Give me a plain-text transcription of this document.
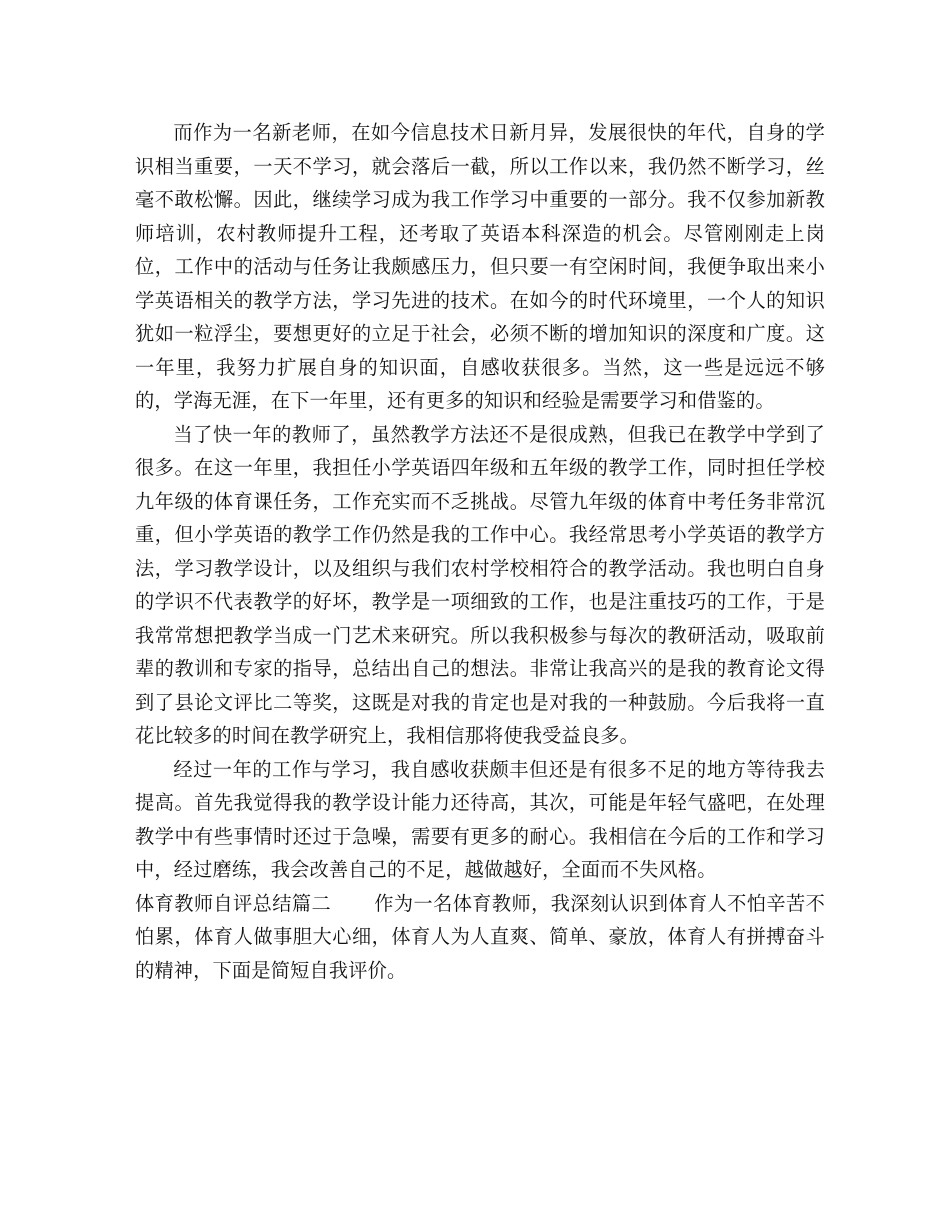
而作为一名新老师，在如今信息技术日新月异，发展很快的年代，自身的学识相当重要，一天不学习，就会落后一截，所以工作以来，我仍然不断学习，丝毫不敢松懈。因此，继续学习成为我工作学习中重要的一部分。我不仅参加新教师培训，农村教师提升工程，还考取了英语本科深造的机会。尽管刚刚走上岗位，工作中的活动与任务让我颇感压力，但只要一有空闲时间，我便争取出来小学英语相关的教学方法，学习先进的技术。在如今的时代环境里，一个人的知识犹如一粒浮尘，要想更好的立足于社会，必须不断的增加知识的深度和广度。这一年里，我努力扩展自身的知识面，自感收获很多。当然，这一些是远远不够的，学海无涯，在下一年里，还有更多的知识和经验是需要学习和借鉴的。

当了快一年的教师了，虽然教学方法还不是很成熟，但我已在教学中学到了很多。在这一年里，我担任小学英语四年级和五年级的教学工作，同时担任学校九年级的体育课任务，工作充实而不乏挑战。尽管九年级的体育中考任务非常沉重，但小学英语的教学工作仍然是我的工作中心。我经常思考小学英语的教学方法，学习教学设计，以及组织与我们农村学校相符合的教学活动。我也明白自身的学识不代表教学的好坏，教学是一项细致的工作，也是注重技巧的工作，于是我常常想把教学当成一门艺术来研究。所以我积极参与每次的教研活动，吸取前辈的教训和专家的指导，总结出自己的想法。非常让我高兴的是我的教育论文得到了县论文评比二等奖，这既是对我的肯定也是对我的一种鼓励。今后我将一直花比较多的时间在教学研究上，我相信那将使我受益良多。

经过一年的工作与学习，我自感收获颇丰但还是有很多不足的地方等待我去提高。首先我觉得我的教学设计能力还待高，其次，可能是年轻气盛吧，在处理教学中有些事情时还过于急噪，需要有更多的耐心。我相信在今后的工作和学习中，经过磨练，我会改善自己的不足，越做越好，全面而不失风格。

体育教师自评总结篇二 作为一名体育教师，我深刻认识到体育人不怕辛苦不怕累，体育人做事胆大心细，体育人为人直爽、简单、豪放，体育人有拼搏奋斗的精神，下面是简短自我评价。
